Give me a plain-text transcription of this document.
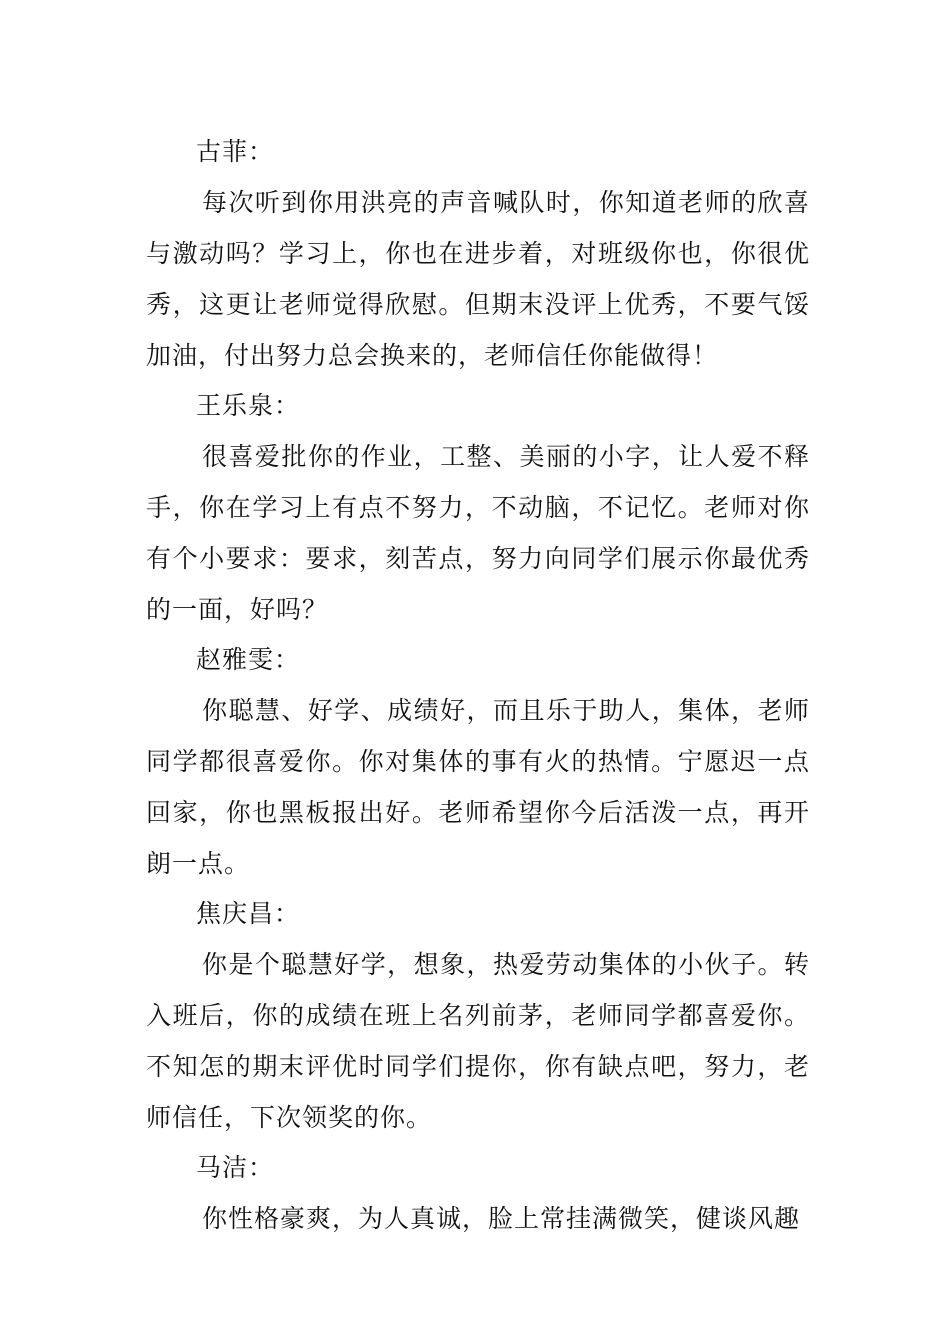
古菲：

每次听到你用洪亮的声音喊队时，你知道老师的欣喜与激动吗？学习上，你也在进步着，对班级你也，你很优秀，这更让老师觉得欣慰。但期末没评上优秀，不要气馁加油，付出努力总会换来的，老师信任你能做得！

王乐泉：

很喜爱批你的作业，工整、美丽的小字，让人爱不释手，你在学习上有点不努力，不动脑，不记忆。老师对你有个小要求：要求，刻苦点，努力向同学们展示你最优秀的一面，好吗？

赵雅雯：

你聪慧、好学、成绩好，而且乐于助人，集体，老师同学都很喜爱你。你对集体的事有火的热情。宁愿迟一点回家，你也黑板报出好。老师希望你今后活泼一点，再开朗一点。

焦庆昌：

你是个聪慧好学，想象，热爱劳动集体的小伙子。转入班后，你的成绩在班上名列前茅，老师同学都喜爱你。不知怎的期末评优时同学们提你，你有缺点吧，努力，老师信任，下次领奖的你。

马洁：

你性格豪爽，为人真诚，脸上常挂满微笑，健谈风趣
